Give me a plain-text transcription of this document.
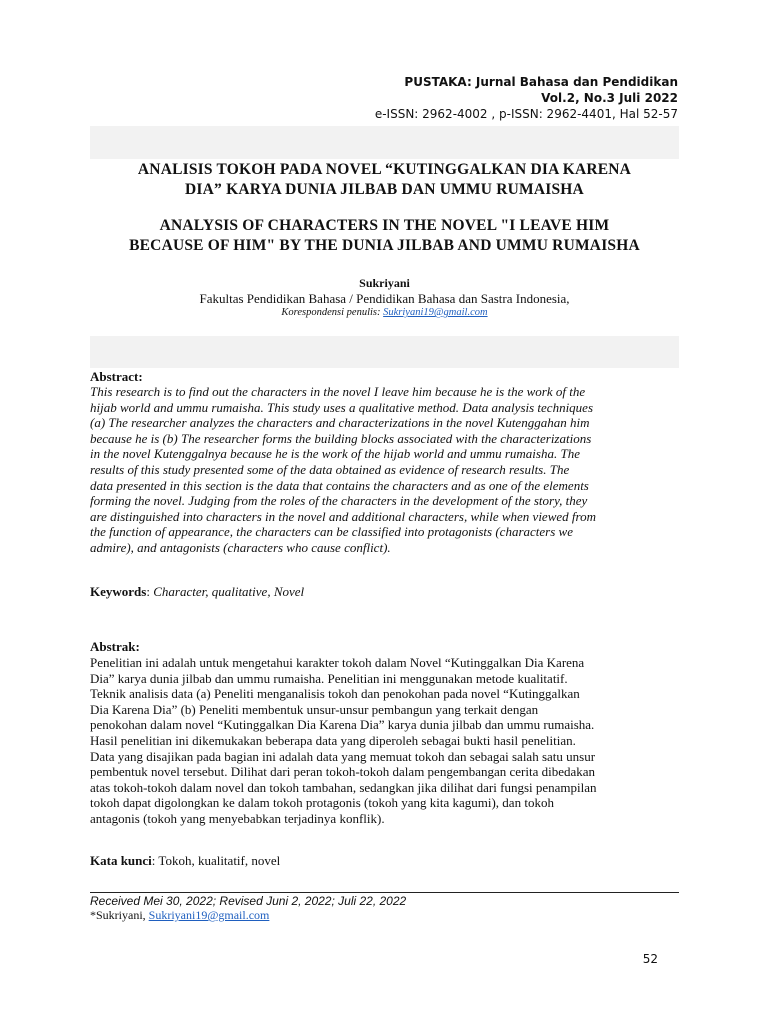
PUSTAKA: Jurnal Bahasa dan Pendidikan
Vol.2, No.3 Juli 2022
e-ISSN: 2962-4002 , p-ISSN: 2962-4401, Hal 52-57
ANALISIS TOKOH PADA NOVEL “KUTINGGALKAN DIA KARENA
DIA” KARYA DUNIA JILBAB DAN UMMU RUMAISHA
ANALYSIS OF CHARACTERS IN THE NOVEL "I LEAVE HIM
BECAUSE OF HIM" BY THE DUNIA JILBAB AND UMMU RUMAISHA
Sukriyani
Fakultas Pendidikan Bahasa / Pendidikan Bahasa dan Sastra Indonesia,
Korespondensi penulis: Sukriyani19@gmail.com
Abstract:
This research is to find out the characters in the novel I leave him because he is the work of the
hijab world and ummu rumaisha. This study uses a qualitative method. Data analysis techniques
(a) The researcher analyzes the characters and characterizations in the novel Kutenggahan him
because he is (b) The researcher forms the building blocks associated with the characterizations
in the novel Kutenggalnya because he is the work of the hijab world and ummu rumaisha. The
results of this study presented some of the data obtained as evidence of research results. The
data presented in this section is the data that contains the characters and as one of the elements
forming the novel. Judging from the roles of the characters in the development of the story, they
are distinguished into characters in the novel and additional characters, while when viewed from
the function of appearance, the characters can be classified into protagonists (characters we
admire), and antagonists (characters who cause conflict).
Keywords: Character, qualitative, Novel
Abstrak:
Penelitian ini adalah untuk mengetahui karakter tokoh dalam Novel “Kutinggalkan Dia Karena
Dia” karya dunia jilbab dan ummu rumaisha. Penelitian ini menggunakan metode kualitatif.
Teknik analisis data (a) Peneliti menganalisis tokoh dan penokohan pada novel “Kutinggalkan
Dia Karena Dia” (b) Peneliti membentuk unsur-unsur pembangun yang terkait dengan
penokohan dalam novel “Kutinggalkan Dia Karena Dia” karya dunia jilbab dan ummu rumaisha.
Hasil penelitian ini dikemukakan beberapa data yang diperoleh sebagai bukti hasil penelitian.
Data yang disajikan pada bagian ini adalah data yang memuat tokoh dan sebagai salah satu unsur
pembentuk novel tersebut. Dilihat dari peran tokoh-tokoh dalam pengembangan cerita dibedakan
atas tokoh-tokoh dalam novel dan tokoh tambahan, sedangkan jika dilihat dari fungsi penampilan
tokoh dapat digolongkan ke dalam tokoh protagonis (tokoh yang kita kagumi), dan tokoh
antagonis (tokoh yang menyebabkan terjadinya konflik).
Kata kunci: Tokoh, kualitatif, novel
Received Mei 30, 2022; Revised Juni 2, 2022; Juli 22, 2022
*Sukriyani, Sukriyani19@gmail.com
52
